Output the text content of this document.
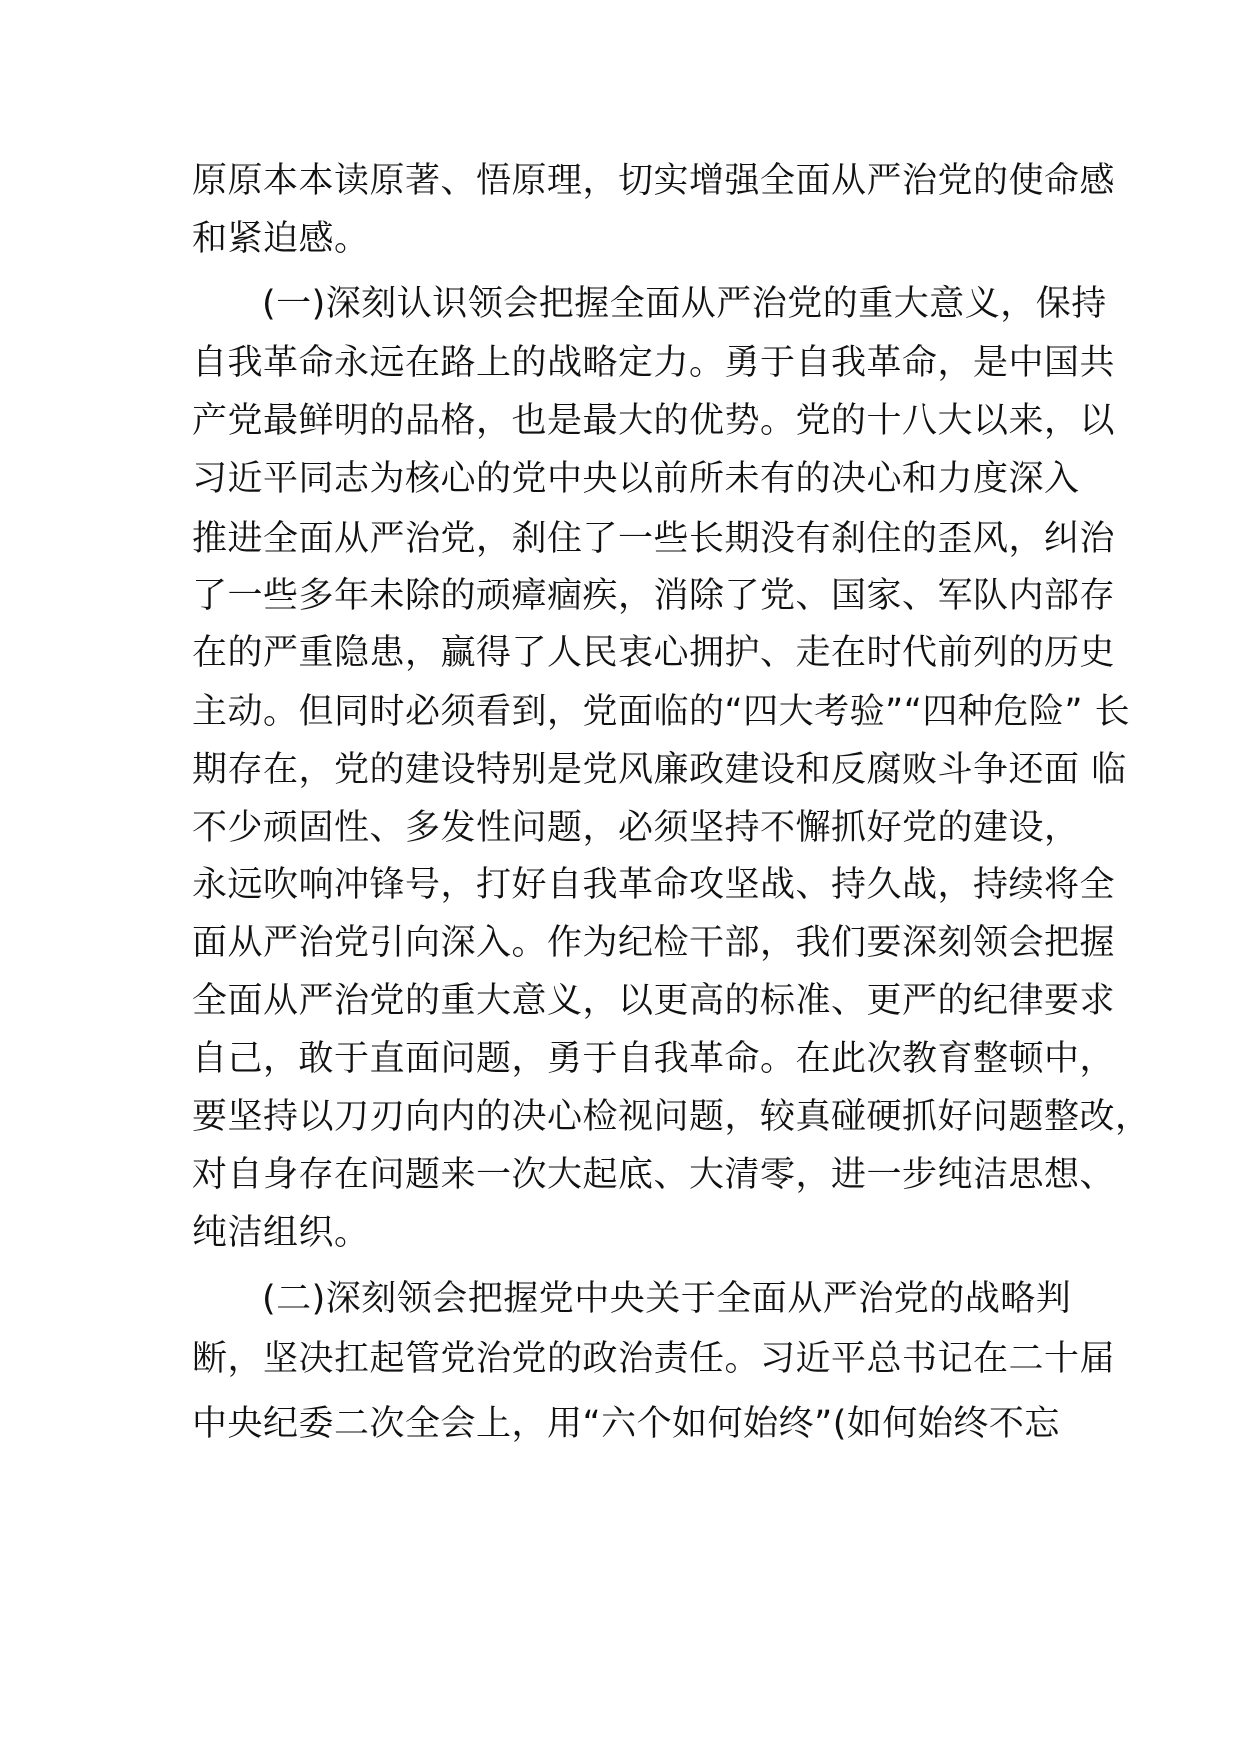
原原本本读原著、悟原理，切实增强全面从严治党的使命感
和紧迫感。
(一)深刻认识领会把握全面从严治党的重大意义，保持
自我革命永远在路上的战略定力。勇于自我革命，是中国共
产党最鲜明的品格，也是最大的优势。党的十八大以来，以
习近平同志为核心的党中央以前所未有的决心和力度深入
推进全面从严治党，刹住了一些长期没有刹住的歪风，纠治
了一些多年未除的顽瘴痼疾，消除了党、国家、军队内部存
在的严重隐患，赢得了人民衷心拥护、走在时代前列的历史
主动。但同时必须看到，党面临的“四大考验”“四种危险” 长
期存在，党的建设特别是党风廉政建设和反腐败斗争还面 临
不少顽固性、多发性问题，必须坚持不懈抓好党的建设，
永远吹响冲锋号，打好自我革命攻坚战、持久战，持续将全
面从严治党引向深入。作为纪检干部，我们要深刻领会把握
全面从严治党的重大意义，以更高的标准、更严的纪律要求
自己，敢于直面问题，勇于自我革命。在此次教育整顿中，
要坚持以刀刃向内的决心检视问题，较真碰硬抓好问题整改，
对自身存在问题来一次大起底、大清零，进一步纯洁思想、
纯洁组织。
(二)深刻领会把握党中央关于全面从严治党的战略判
断，坚决扛起管党治党的政治责任。习近平总书记在二十届
中央纪委二次全会上，用“六个如何始终”(如何始终不忘
